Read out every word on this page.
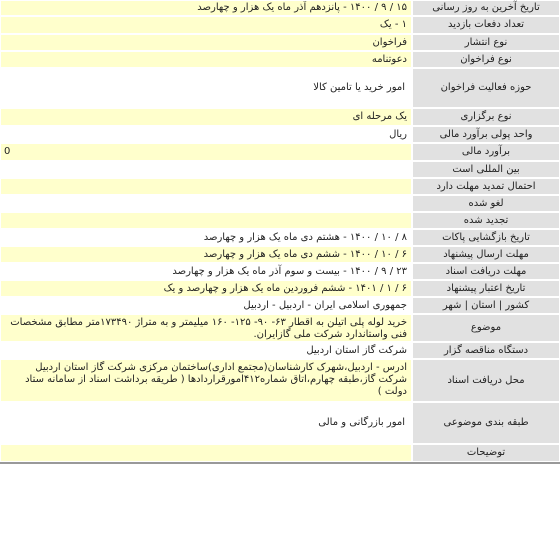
تاریخ آخرین به روز رسانی
۱۵ / ۹ / ۱۴۰۰ - پانزدهم آذر ماه یک هزار و چهارصد
تعداد دفعات بازدید
۱ - یک
نوع انتشار
فراخوان
نوع فراخوان
دعوتنامه
حوزه فعالیت فراخوان
امور خرید یا تامین کالا
نوع برگزاری
یک مرحله ای
واحد پولی برآورد مالی
ریال
برآورد مالی
0
بین المللی است
احتمال تمدید مهلت دارد
لغو شده
تجدید شده
تاریخ بازگشایی پاکات
۸ / ۱۰ / ۱۴۰۰ - هشتم دی ماه یک هزار و چهارصد
مهلت ارسال پیشنهاد
۶ / ۱۰ / ۱۴۰۰ - ششم دی ماه یک هزار و چهارصد
مهلت دریافت اسناد
۲۳ / ۹ / ۱۴۰۰ - بیست و سوم آذر ماه یک هزار و چهارصد
تاریخ اعتبار پیشنهاد
۶ / ۱ / ۱۴۰۱ - ششم فروردین ماه یک هزار و چهارصد و یک
کشور | استان | شهر
جمهوری اسلامی ایران - اردبیل - اردبیل
موضوع
خرید لوله پلی اتیلن به اقطار ۶۳- ۹۰- ۱۲۵- ۱۶۰ میلیمتر و به متراژ ۱۷۳۴۹۰متر مطابق مشخصات فنی واستاندارد شرکت ملی گازایران.
دستگاه مناقصه گزار
شرکت گاز استان اردبیل
محل دریافت اسناد
ادرس - اردبیل،شهرک کارشناسان(مجتمع اداری)ساختمان مرکزی شرکت گاز استان اردبیل شرکت گاز،طبقه چهارم،اتاق شماره۴۱۲امورقراردادها ( طریقه برداشت اسناد از سامانه ستاد دولت )
طبقه بندی موضوعی
امور بازرگانی و مالی
توضیحات
